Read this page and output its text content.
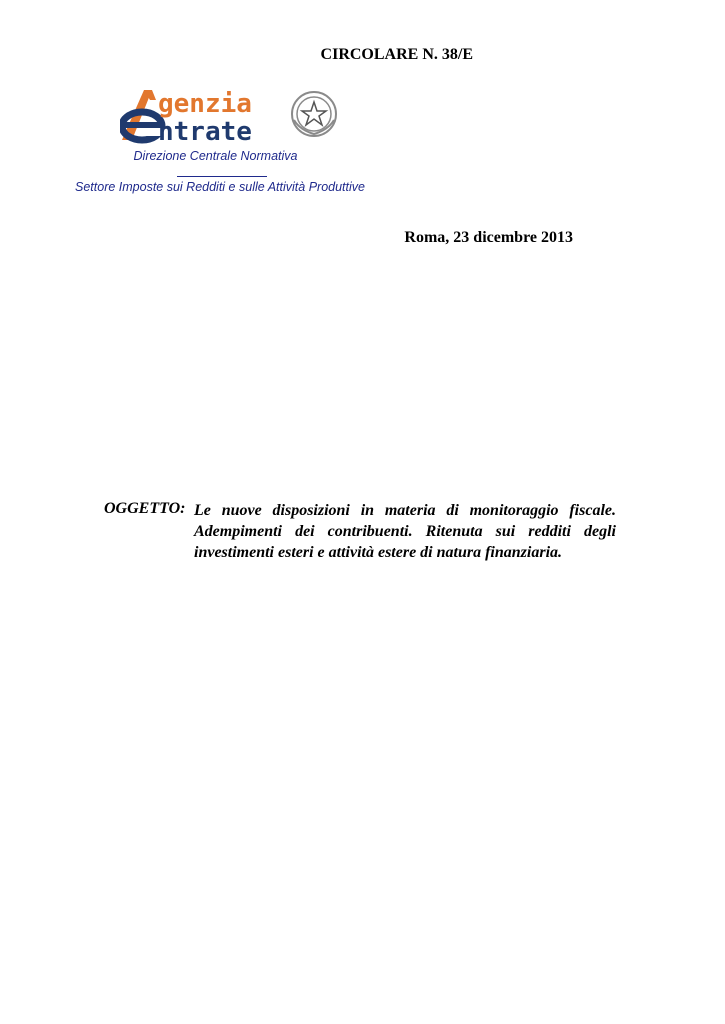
CIRCOLARE N. 38/E
genzia
ntrate
Direzione Centrale Normativa
Settore Imposte sui Redditi e sulle Attività Produttive
Roma, 23 dicembre 2013
OGGETTO: Le nuove disposizioni in materia di monitoraggio fiscale.
Adempimenti dei contribuenti. Ritenuta sui redditi degli
investimenti esteri e attività estere di natura finanziaria.
